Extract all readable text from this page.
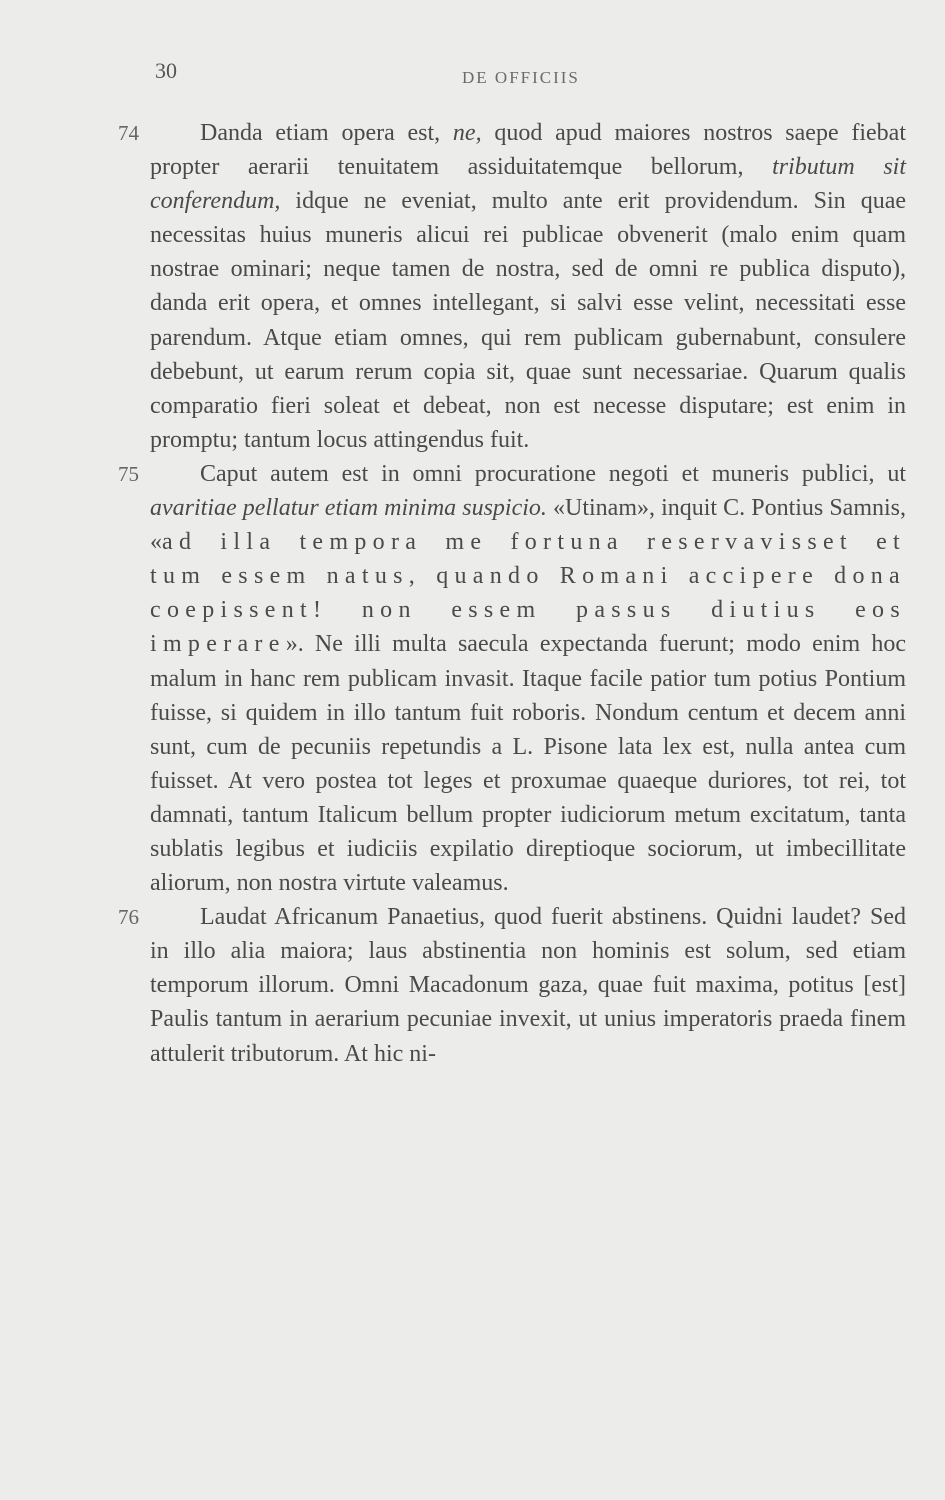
30	DE OFFICIIS

74	Danda etiam opera est, ne, quod apud maiores nostros saepe fiebat propter aerarii tenuitatem assiduitatemque bellorum, tributum sit conferendum, idque ne eveniat, multo ante erit providendum. Sin quae necessitas huius muneris alicui rei publicae obvenerit (malo enim quam nostrae ominari; neque tamen de nostra, sed de omni re publica disputo), danda erit opera, et omnes intellegant, si salvi esse velint, necessitati esse parendum. Atque etiam omnes, qui rem publicam gubernabunt, consulere debebunt, ut earum rerum copia sit, quae sunt necessariae. Quarum qualis comparatio fieri soleat et debeat, non est necesse disputare; est enim in promptu; tantum locus attingendus fuit.

75	Caput autem est in omni procuratione negoti et muneris publici, ut avaritiae pellatur etiam minima suspicio. «Utinam», inquit C. Pontius Samnis, «ad illa tempora me fortuna reservavisset et tum essem natus, quando Romani accipere dona coepissent! non essem passus diutius eos imperare». Ne illi multa saecula expectanda fuerunt; modo enim hoc malum in hanc rem publicam invasit. Itaque facile patior tum potius Pontium fuisse, si quidem in illo tantum fuit roboris. Nondum centum et decem anni sunt, cum de pecuniis repetundis a L. Pisone lata lex est, nulla antea cum fuisset. At vero postea tot leges et proxumae quaeque duriores, tot rei, tot damnati, tantum Italicum bellum propter iudiciorum metum excitatum, tanta sublatis legibus et iudiciis expilatio direptioque sociorum, ut imbecillitate aliorum, non nostra virtute valeamus.

76	Laudat Africanum Panaetius, quod fuerit abstinens. Quidni laudet? Sed in illo alia maiora; laus abstinentia non hominis est solum, sed etiam temporum illorum. Omni Macadonum gaza, quae fuit maxima, potitus [est] Paulis tantum in aerarium pecuniae invexit, ut unius imperatoris praeda finem attulerit tributorum. At hic ni-
